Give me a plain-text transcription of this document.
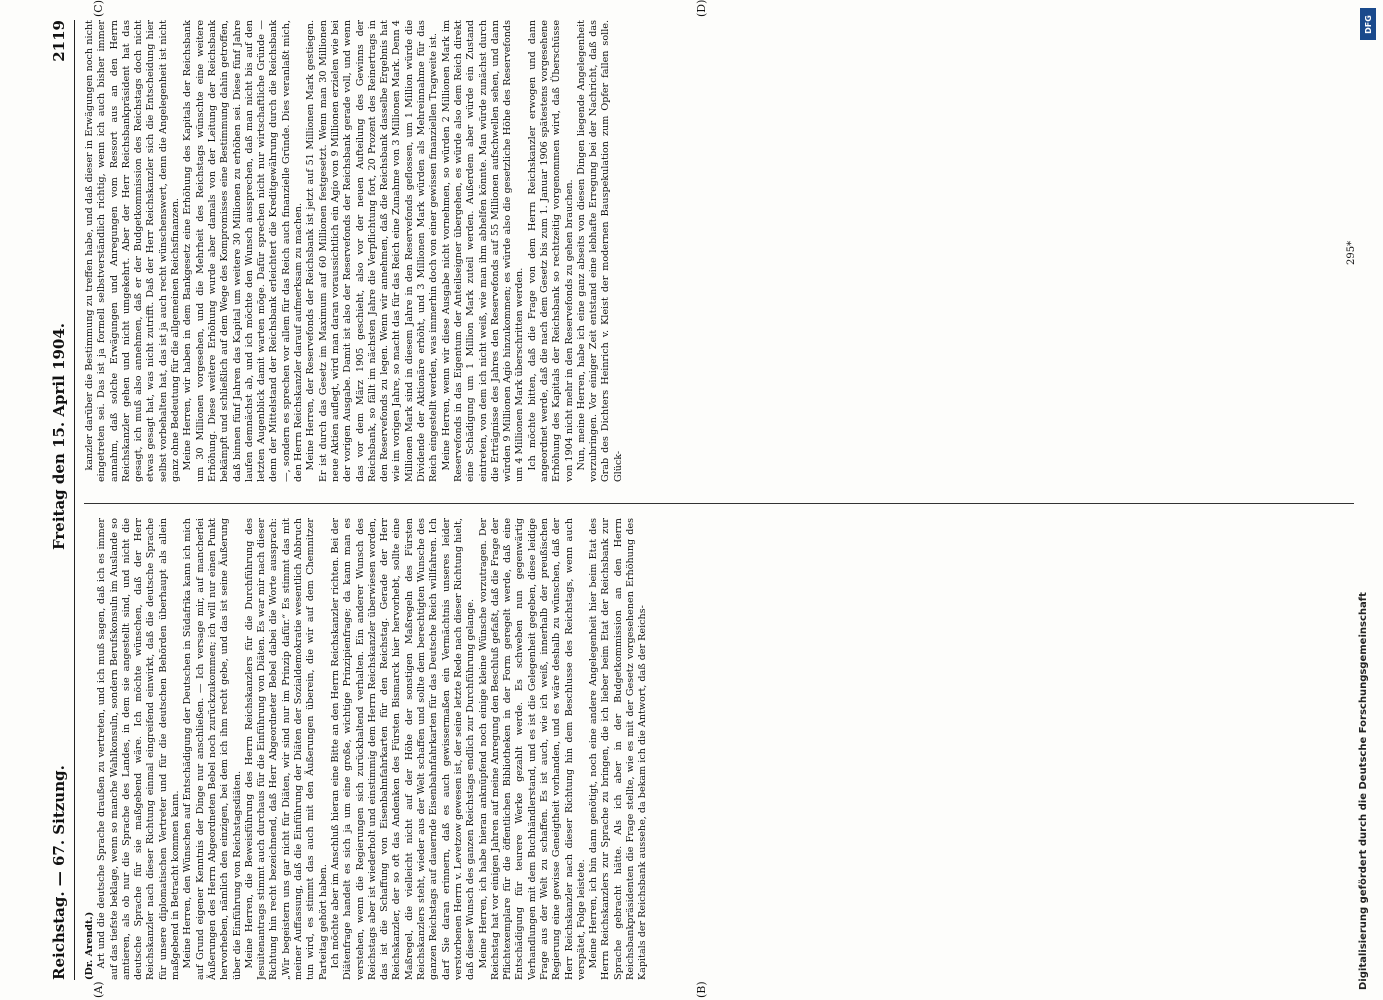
Reichstag. — 67. Sitzung.
Freitag den 15. April 1904.
2119

(Dr. Arendt.) Art und die deutsche Sprache draußen zu vertreten, und ich muß sagen, daß ich es immer auf das tiefste beklage, wenn so manche Wahlkonsuln, sondern Berufskonsuln im Auslande so amtieren, als ob nur die Sprache des Landes, in dem sie angestellt sind, und nicht die deutsche Sprache für sie maßgebend wäre. Ich möchte wünschen, daß der Herr Reichskanzler nach dieser Richtung einmal eingreifend einwirkt, daß die deutsche Sprache für unsere diplomatischen Vertreter und für die deutschen Behörden überhaupt als allein maßgebend in Betracht kommen kann. Meine Herren, den Wünschen auf Entschädigung der Deutschen in Südafrika kann ich mich auf Grund eigener Kenntnis der Dinge nur anschließen. — Ich versage mir, auf mancherlei Äußerungen des Herrn Abgeordneten Bebel noch zurückzukommen; ich will nur einen Punkt hervorheben, nämlich den einzigen, bei dem ich ihm recht gebe, und das ist seine Äußerung über die Einführung von Reichstagsdiäten. Meine Herren, die Beweisführung des Herrn Reichskanzlers für die Durchführung des Jesuitenantrags stimmt auch durchaus für die Einführung von Diäten. Es war mir nach dieser Richtung hin recht bezeichnend, daß Herr Abgeordneter Bebel dabei die Worte aussprach: „Wir begeistern uns gar nicht für Diäten, wir sind nur im Prinzip dafür.“ Es stimmt das mit meiner Auffassung, daß die Einführung der Diäten der Sozialdemokratie wesentlich Abbruch tun wird, es stimmt das auch mit den Äußerungen überein, die wir auf dem Chemnitzer Parteitag gehört haben. Ich möchte aber im Anschluß hieran eine Bitte an den Herrn Reichskanzler richten. Bei der Diätenfrage handelt es sich ja um eine große, wichtige Prinzipienfrage; da kann man es verstehen, wenn die Regierungen sich zurückhaltend verhalten. Ein anderer Wunsch des Reichstags aber ist wiederholt und einstimmig dem Herrn Reichskanzler überwiesen worden, das ist die Schaffung von Eisenbahnfahrkarten für den Reichstag. Gerade der Herr Reichskanzler, der so oft das Andenken des Fürsten Bismarck hier hervorhebt, sollte eine Maßregel, die vielleicht nicht auf der Höhe der sonstigen Maßregeln des Fürsten Reichskanzlers steht, wieder aus der Welt schaffen und sollte dem berechtigten Wunsche des ganzen Reichstags auf dauernde Eisenbahnfahrkarten für das Deutsche Reich willfahren. Ich darf Sie daran erinnern, daß es auch gewissermaßen ein Vermächtnis unseres leider verstorbenen Herrn v. Levetzow gewesen ist, der seine letzte Rede nach dieser Richtung hielt, daß dieser Wunsch des ganzen Reichstags endlich zur Durchführung gelange. Meine Herren, ich habe hieran anknüpfend noch einige kleine Wünsche vorzutragen. Der Reichstag hat vor einigen Jahren auf meine Anregung den Beschluß gefaßt, daß die Frage der Pflichtexemplare für die öffentlichen Bibliotheken in der Form geregelt werde, daß eine Entschädigung für teurere Werke gezahlt werde. Es schweben nun gegenwärtig Verhandlungen mit dem Buchhändlerstand, und es ist die Gelegenheit gegeben, diese leidige Frage aus der Welt zu schaffen. Es ist auch, wie ich weiß, innerhalb der preußischen Regierung eine gewisse Geneigtheit vorhanden, und es wäre deshalb zu wünschen, daß der Herr Reichskanzler nach dieser Richtung hin dem Beschlusse des Reichstags, wenn auch verspätet, Folge leistete. Meine Herren, ich bin dann genötigt, noch eine andere Angelegenheit hier beim Etat des Herrn Reichskanzlers zur Sprache zu bringen, die ich lieber beim Etat der Reichsbank zur Sprache gebracht hätte. Als ich aber in der Budgetkommission an den Herrn Reichsbankpräsidenten die Frage stellte, wie es mit der Gesetz vorgesehenen Erhöhung des Kapitals der Reichsbank aussehe, da bekam ich die Antwort, daß der Reichs-

kanzler darüber die Bestimmung zu treffen habe, und daß dieser in Erwägungen noch nicht eingetreten sei. Das ist ja formell selbstverständlich richtig, wenn ich auch bisher immer annahm, daß solche Erwägungen und Anregungen vom Ressort aus an den Herrn Reichskanzler gehen und nicht umgekehrt. Aber der Herr Reichsbankpräsident hat das gesagt, ich muß also annehmen, daß er der Budgetkommission des Reichstags doch nicht etwas gesagt hat, was nicht zutrifft. Daß der Herr Reichskanzler sich die Entscheidung hier selbst vorbehalten hat, das ist ja auch recht wünschenswert, denn die Angelegenheit ist nicht ganz ohne Bedeutung für die allgemeinen Reichsfinanzen. Meine Herren, wir haben in dem Bankgesetz eine Erhöhung des Kapitals der Reichsbank um 30 Millionen vorgesehen, und die Mehrheit des Reichstags wünschte eine weitere Erhöhung. Diese weitere Erhöhung wurde aber damals von der Leitung der Reichsbank bekämpft und schließlich auf dem Wege des Kompromisses eine Bestimmung dahin getroffen, daß binnen fünf Jahren das Kapital um weitere 30 Millionen zu erhöhen sei. Diese fünf Jahre laufen demnächst ab, und ich möchte den Wunsch aussprechen, daß man nicht bis auf den letzten Augenblick damit warten möge. Dafür sprechen nicht nur wirtschaftliche Gründe — denn der Mittelstand der Reichsbank erleichtert die Kreditgewährung durch die Reichsbank —, sondern es sprechen vor allem für das Reich auch finanzielle Gründe. Dies veranlaßt mich, den Herrn Reichskanzler darauf aufmerksam zu machen. Meine Herren, der Reservefonds der Reichsbank ist jetzt auf 51 Millionen Mark gestiegen. Er ist durch das Gesetz im Maximum auf 60 Millionen festgesetzt. Wenn man 30 Millionen neue Aktien auflegt, wird man daran voraussichtlich ein Agio von 9 Millionen erzielen wie bei der vorigen Ausgabe. Damit ist also der Reservefonds der Reichsbank gerade voll, und wenn das vor dem März 1905 geschieht, also vor der neuen Aufteilung des Gewinns der Reichsbank, so fällt im nächsten Jahre die Verpflichtung fort, 20 Prozent des Reinertrags in den Reservefonds zu legen. Wenn wir annehmen, daß die Reichsbank dasselbe Ergebnis hat wie im vorigen Jahre, so macht das für das Reich eine Zunahme von 3 Millionen Mark. Denn 4 Millionen Mark sind in diesem Jahre in den Reservefonds geflossen, um 1 Million würde die Dividende der Aktionäre erhöht, und 3 Millionen Mark würden als Mehreinnahme für das Reich eingestellt werden, was immerhin doch von einer gewissen finanziellen Tragweite ist. Meine Herren, wenn wir diese Ausgabe nicht vornehmen, so würden 2 Millionen Mark im Reservefonds in das Eigentum der Anteilseigner übergehen, es würde also dem Reich direkt eine Schädigung um 1 Million Mark zuteil werden. Außerdem aber würde ein Zustand eintreten, von dem ich nicht weiß, wie man ihm abhelfen könnte. Man würde zunächst durch die Erträgnisse des Jahres den Reservefonds auf 55 Millionen aufschwellen sehen, und dann würden 9 Millionen Agio hinzukommen; es würde also die gesetzliche Höhe des Reservefonds um 4 Millionen Mark überschritten werden. Ich möchte bitten, daß die Frage von dem Herrn Reichskanzler erwogen und dann angeordnet werde, daß die nach dem Gesetz bis zum 1. Januar 1906 spätestens vorgesehene Erhöhung des Kapitals der Reichsbank so rechtzeitig vorgenommen wird, daß Überschüsse von 1904 nicht mehr in den Reservefonds zu gehen brauchen. Nun, meine Herren, habe ich eine ganz abseits von diesen Dingen liegende Angelegenheit vorzubringen. Vor einiger Zeit entstand eine lebhafte Erregung bei der Nachricht, daß das Grab des Dichters Heinrich v. Kleist der modernen Bauspekulation zum Opfer fallen solle. Glück-

(A)	(B)
(C)	(D)
295*
DFG
Digitalisierung gefördert durch die Deutsche Forschungsgemeinschaft
